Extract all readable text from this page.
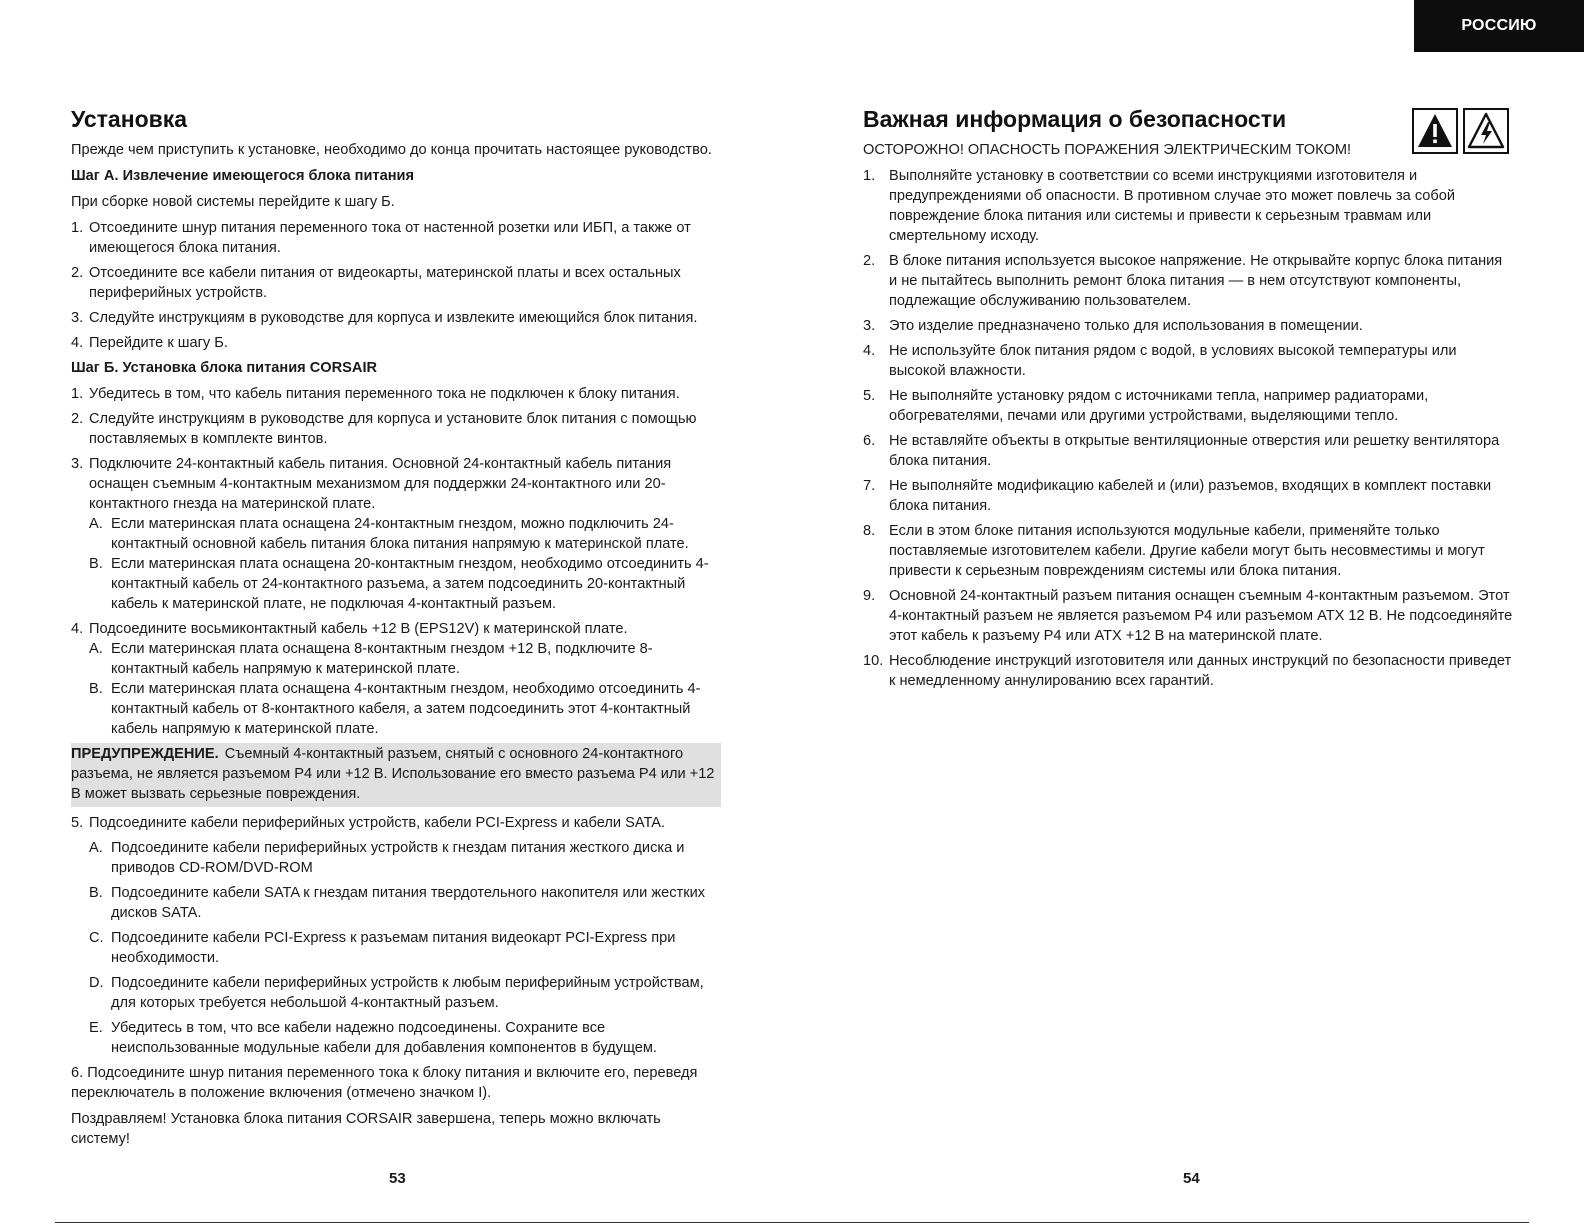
РОССИЮ
Установка

Прежде чем приступить к установке, необходимо до конца прочитать настоящее руководство.

Шаг А. Извлечение имеющегося блока питания

При сборке новой системы перейдите к шагу Б.

1. Отсоедините шнур питания переменного тока от настенной розетки или ИБП, а также от имеющегося блока питания.
2. Отсоедините все кабели питания от видеокарты, материнской платы и всех остальных периферийных устройств.
3. Следуйте инструкциям в руководстве для корпуса и извлеките имеющийся блок питания.
4. Перейдите к шагу Б.

Шаг Б. Установка блока питания CORSAIR

1. Убедитесь в том, что кабель питания переменного тока не подключен к блоку питания.
2. Следуйте инструкциям в руководстве для корпуса и установите блок питания с помощью поставляемых в комплекте винтов.
3. Подключите 24-контактный кабель питания. Основной 24-контактный кабель питания оснащен съемным 4-контактным механизмом для поддержки 24-контактного или 20-контактного гнезда на материнской плате.
A. Если материнская плата оснащена 24-контактным гнездом, можно подключить 24-контактный основной кабель питания блока питания напрямую к материнской плате.
B. Если материнская плата оснащена 20-контактным гнездом, необходимо отсоединить 4-контактный кабель от 24-контактного разъема, а затем подсоединить 20-контактный кабель к материнской плате, не подключая 4-контактный разъем.
4. Подсоедините восьмиконтактный кабель +12 В (EPS12V) к материнской плате.
A. Если материнская плата оснащена 8-контактным гнездом +12 В, подключите 8-контактный кабель напрямую к материнской плате.
B. Если материнская плата оснащена 4-контактным гнездом, необходимо отсоединить 4-контактный кабель от 8-контактного кабеля, а затем подсоединить этот 4-контактный кабель напрямую к материнской плате.
ПРЕДУПРЕЖДЕНИЕ. Съемный 4-контактный разъем, снятый с основного 24-контактного разъема, не является разъемом P4 или +12 В. Использование его вместо разъема P4 или +12 В может вызвать серьезные повреждения.
5. Подсоедините кабели периферийных устройств, кабели PCI-Express и кабели SATA.
A. Подсоедините кабели периферийных устройств к гнездам питания жесткого диска и приводов CD-ROM/DVD-ROM
B. Подсоедините кабели SATA к гнездам питания твердотельного накопителя или жестких дисков SATA.
C. Подсоедините кабели PCI-Express к разъемам питания видеокарт PCI-Express при необходимости.
D. Подсоедините кабели периферийных устройств к любым периферийным устройствам, для которых требуется небольшой 4-контактный разъем.
E. Убедитесь в том, что все кабели надежно подсоединены. Сохраните все неиспользованные модульные кабели для добавления компонентов в будущем.

6. Подсоедините шнур питания переменного тока к блоку питания и включите его, переведя переключатель в положение включения (отмечено значком I).

Поздравляем! Установка блока питания CORSAIR завершена, теперь можно включать систему!

Важная информация о безопасности

ОСТОРОЖНО! ОПАСНОСТЬ ПОРАЖЕНИЯ ЭЛЕКТРИЧЕСКИМ ТОКОМ!

1. Выполняйте установку в соответствии со всеми инструкциями изготовителя и предупреждениями об опасности. В противном случае это может повлечь за собой повреждение блока питания или системы и привести к серьезным травмам или смертельному исходу.
2. В блоке питания используется высокое напряжение. Не открывайте корпус блока питания и не пытайтесь выполнить ремонт блока питания — в нем отсутствуют компоненты, подлежащие обслуживанию пользователем.
3. Это изделие предназначено только для использования в помещении.
4. Не используйте блок питания рядом с водой, в условиях высокой температуры или высокой влажности.
5. Не выполняйте установку рядом с источниками тепла, например радиаторами, обогревателями, печами или другими устройствами, выделяющими тепло.
6. Не вставляйте объекты в открытые вентиляционные отверстия или решетку вентилятора блока питания.
7. Не выполняйте модификацию кабелей и (или) разъемов, входящих в комплект поставки блока питания.
8. Если в этом блоке питания используются модульные кабели, применяйте только поставляемые изготовителем кабели. Другие кабели могут быть несовместимы и могут привести к серьезным повреждениям системы или блока питания.
9. Основной 24-контактный разъем питания оснащен съемным 4-контактным разъемом. Этот 4-контактный разъем не является разъемом P4 или разъемом ATX 12 В. Не подсоединяйте этот кабель к разъему P4 или ATX +12 В на материнской плате.
10. Несоблюдение инструкций изготовителя или данных инструкций по безопасности приведет к немедленному аннулированию всех гарантий.
53	54
